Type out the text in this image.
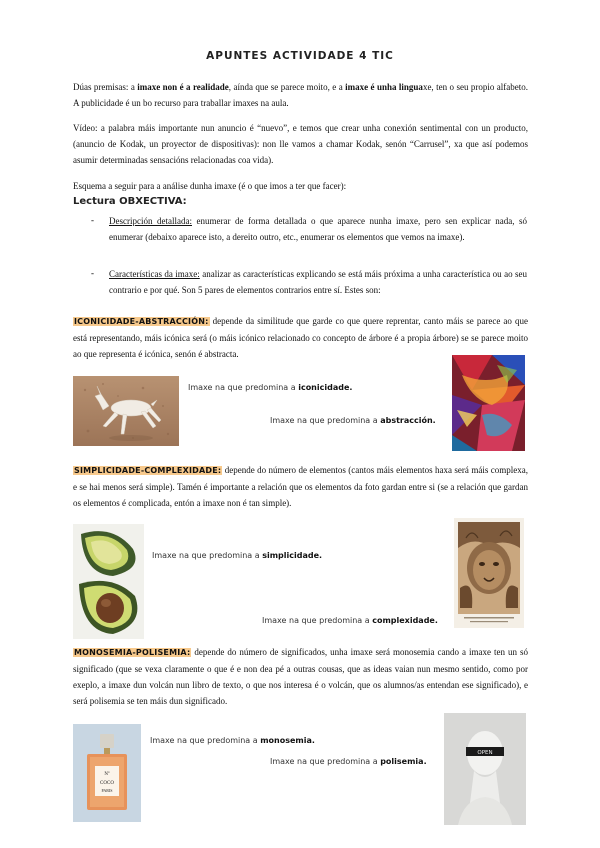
APUNTES ACTIVIDADE 4 TIC

Dúas premisas: a imaxe non é a realidade, aínda que se parece moito, e a imaxe é unha linguaxe, ten o seu propio alfabeto. A publicidade é un bo recurso para traballar imaxes na aula.

Vídeo: a palabra máis importante nun anuncio é “nuevo”, e temos que crear unha conexión sentimental con un producto, (anuncio de Kodak, un proyector de dispositivas): non lle vamos a chamar Kodak, senón “Carrusel”, xa que así podemos asumir determinadas sensacións relacionadas coa vida).

Esquema a seguir para a análise dunha imaxe (é o que imos a ter que facer):

Lectura OBXECTIVA:
- Descripción detallada: enumerar de forma detallada o que aparece nunha imaxe, pero sen explicar nada, só enumerar (debaixo aparece isto, a dereito outro, etc., enumerar os elementos que vemos na imaxe).

- Características da imaxe: analizar as características explicando se está máis próxima a unha característica ou ao seu contrario e por qué. Son 5 pares de elementos contrarios entre sí. Estes son:

ICONICIDADE-ABSTRACCIÓN: depende da similitude que garde co que quere reprentar, canto máis se parece ao que está representando, máis icónica será (o máis icónico relacionado co concepto de árbore é a propia árbore) se se parece moito ao que representa é icónica, senón é abstracta.

Imaxe na que predomina a iconicidade.
Imaxe na que predomina a abstracción.

SIMPLICIDADE-COMPLEXIDADE: depende do número de elementos (cantos máis elementos haxa será máis complexa, e se hai menos será simple). Tamén é importante a relación que os elementos da foto gardan entre si (se a relación que gardan os elementos é complicada, entón a imaxe non é tan simple).

Imaxe na que predomina a simplicidade.
Imaxe na que predomina a complexidade.

MONOSEMIA-POLISEMIA: depende do número de significados, unha imaxe será monosemia cando a imaxe ten un só significado (que se vexa claramente o que é e non dea pé a outras cousas, que as ideas vaian nun mesmo sentido, como por exeplo, a imaxe dun volcán nun libro de texto, o que nos interesa é o volcán, que os alumnos/as entendan ese significado), e será polisemia se ten máis dun significado.

Nº
COCO
PARIS
Imaxe na que predomina a monosemia.
Imaxe na que predomina a polisemia.
OPEN
